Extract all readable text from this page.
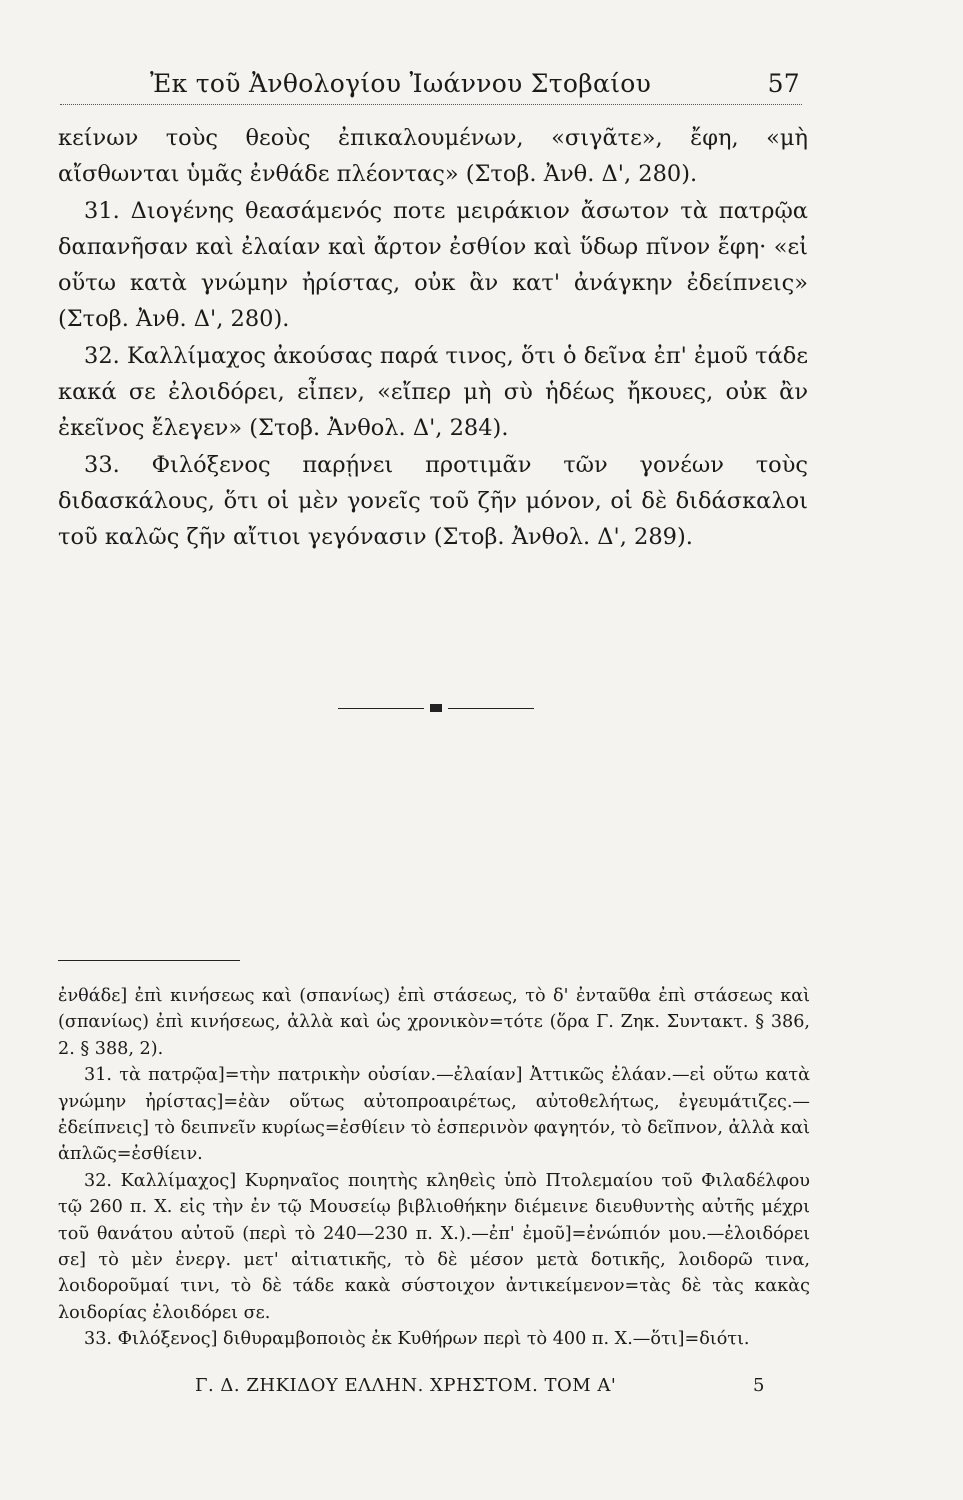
Ἐκ τοῦ Ἀνθολογίου Ἰωάννου Στοβαίου	57

κείνων τοὺς θεοὺς ἐπικαλουμένων, «σιγᾶτε», ἔφη, «μὴ αἴσθωνται ὑμᾶς ἐνθάδε πλέοντας» (Στοβ. Ἀνθ. Δ', 280).

31. Διογένης θεασάμενός ποτε μειράκιον ἄσωτον τὰ πατρῷα δαπανῆσαν καὶ ἐλαίαν καὶ ἄρτον ἐσθίον καὶ ὕδωρ πῖνον ἔφη· «εἰ οὕτω κατὰ γνώμην ἠρίστας, οὐκ ἂν κατ' ἀνάγκην ἐδείπνεις» (Στοβ. Ἀνθ. Δ', 280).

32. Καλλίμαχος ἀκούσας παρά τινος, ὅτι ὁ δεῖνα ἐπ' ἐμοῦ τάδε κακά σε ἐλοιδόρει, εἶπεν, «εἴπερ μὴ σὺ ἡδέως ἤκουες, οὐκ ἂν ἐκεῖνος ἔλεγεν» (Στοβ. Ἀνθολ. Δ', 284).

33. Φιλόξενος παρῄνει προτιμᾶν τῶν γονέων τοὺς διδασκάλους, ὅτι οἱ μὲν γονεῖς τοῦ ζῆν μόνον, οἱ δὲ διδάσκαλοι τοῦ καλῶς ζῆν αἴτιοι γεγόνασιν (Στοβ. Ἀνθολ. Δ', 289).

ἐνθάδε] ἐπὶ κινήσεως καὶ (σπανίως) ἐπὶ στάσεως, τὸ δ' ἐνταῦθα ἐπὶ στάσεως καὶ (σπανίως) ἐπὶ κινήσεως, ἀλλὰ καὶ ὡς χρονικὸν=τότε (ὅρα Γ. Ζηκ. Συντακτ. § 386, 2. § 388, 2).

31. τὰ πατρῷα]=τὴν πατρικὴν οὐσίαν.—ἐλαίαν] Ἀττικῶς ἐλάαν.—εἰ οὕτω κατὰ γνώμην ἠρίστας]=ἐὰν οὕτως αὐτοπροαιρέτως, αὐτοθελήτως, ἐγευμάτιζες.—ἐδείπνεις] τὸ δειπνεῖν κυρίως=ἐσθίειν τὸ ἑσπερινὸν φαγητόν, τὸ δεῖπνον, ἀλλὰ καὶ ἁπλῶς=ἐσθίειν.

32. Καλλίμαχος] Κυρηναῖος ποιητὴς κληθεὶς ὑπὸ Πτολεμαίου τοῦ Φιλαδέλφου τῷ 260 π. Χ. εἰς τὴν ἐν τῷ Μουσείῳ βιβλιοθήκην διέμεινε διευθυντὴς αὐτῆς μέχρι τοῦ θανάτου αὐτοῦ (περὶ τὸ 240—230 π. Χ.).—ἐπ' ἐμοῦ]=ἐνώπιόν μου.—ἐλοιδόρει σε] τὸ μὲν ἐνεργ. μετ' αἰτιατικῆς, τὸ δὲ μέσον μετὰ δοτικῆς, λοιδορῶ τινα, λοιδοροῦμαί τινι, τὸ δὲ τάδε κακὰ σύστοιχον ἀντικείμενον=τὰς δὲ τὰς κακὰς λοιδορίας ἐλοιδόρει σε.

33. Φιλόξενος] διθυραμβοποιὸς ἐκ Κυθήρων περὶ τὸ 400 π. Χ.—ὅτι]=διότι.

Γ. Δ. ΖΗΚΙΔΟΥ ΕΛΛΗΝ. ΧΡΗΣΤΟΜ. ΤΟΜ Α'	5
